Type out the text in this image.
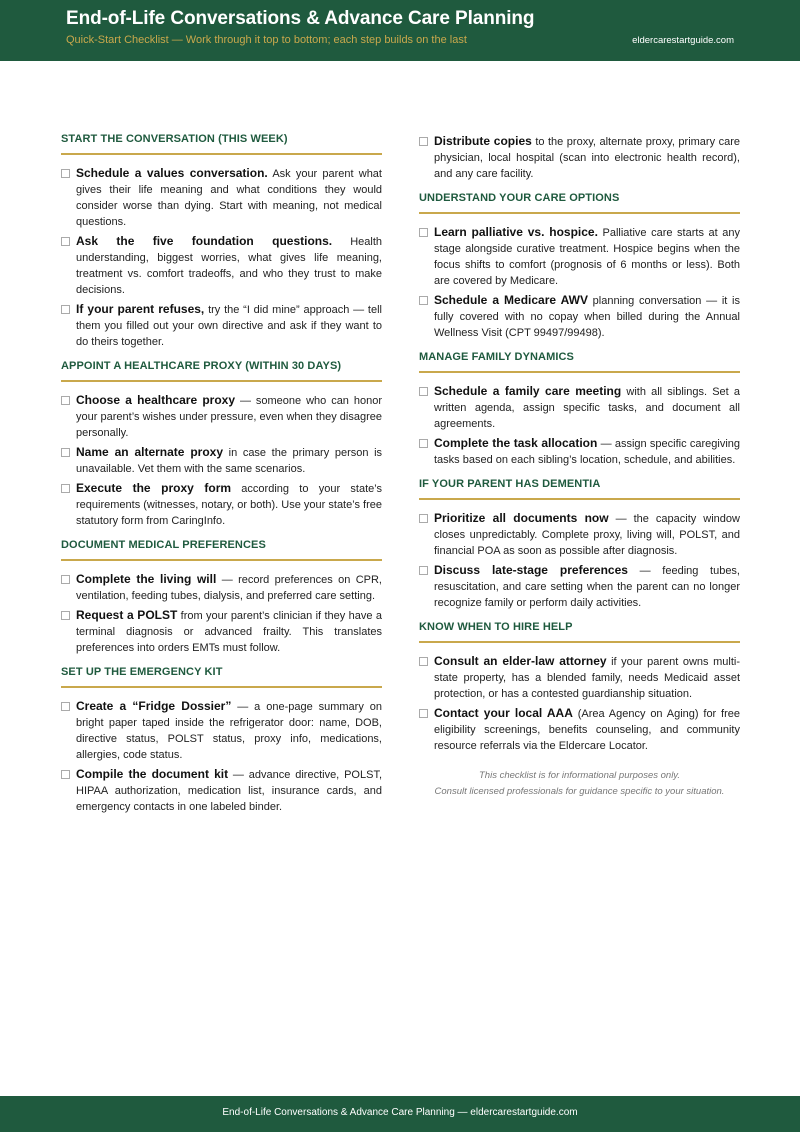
End-of-Life Conversations & Advance Care Planning
Quick-Start Checklist — Work through it top to bottom; each step builds on the last	eldercarestartguide.com
START THE CONVERSATION (THIS WEEK)
Schedule a values conversation. Ask your parent what gives their life meaning and what conditions they would consider worse than dying. Start with meaning, not medical questions.
Ask the five foundation questions. Health understanding, biggest worries, what gives life meaning, treatment vs. comfort tradeoffs, and who they trust to make decisions.
If your parent refuses, try the “I did mine” approach — tell them you filled out your own directive and ask if they want to do theirs together.
APPOINT A HEALTHCARE PROXY (WITHIN 30 DAYS)
Choose a healthcare proxy — someone who can honor your parent’s wishes under pressure, even when they disagree personally.
Name an alternate proxy in case the primary person is unavailable. Vet them with the same scenarios.
Execute the proxy form according to your state’s requirements (witnesses, notary, or both). Use your state’s free statutory form from CaringInfo.
DOCUMENT MEDICAL PREFERENCES
Complete the living will — record preferences on CPR, ventilation, feeding tubes, dialysis, and preferred care setting.
Request a POLST from your parent’s clinician if they have a terminal diagnosis or advanced frailty. This translates preferences into orders EMTs must follow.
SET UP THE EMERGENCY KIT
Create a “Fridge Dossier” — a one-page summary on bright paper taped inside the refrigerator door: name, DOB, directive status, POLST status, proxy info, medications, allergies, code status.
Compile the document kit — advance directive, POLST, HIPAA authorization, medication list, insurance cards, and emergency contacts in one labeled binder.
Distribute copies to the proxy, alternate proxy, primary care physician, local hospital (scan into electronic health record), and any care facility.
UNDERSTAND YOUR CARE OPTIONS
Learn palliative vs. hospice. Palliative care starts at any stage alongside curative treatment. Hospice begins when the focus shifts to comfort (prognosis of 6 months or less). Both are covered by Medicare.
Schedule a Medicare AWV planning conversation — it is fully covered with no copay when billed during the Annual Wellness Visit (CPT 99497/99498).
MANAGE FAMILY DYNAMICS
Schedule a family care meeting with all siblings. Set a written agenda, assign specific tasks, and document all agreements.
Complete the task allocation — assign specific caregiving tasks based on each sibling’s location, schedule, and abilities.
IF YOUR PARENT HAS DEMENTIA
Prioritize all documents now — the capacity window closes unpredictably. Complete proxy, living will, POLST, and financial POA as soon as possible after diagnosis.
Discuss late-stage preferences — feeding tubes, resuscitation, and care setting when the parent can no longer recognize family or perform daily activities.
KNOW WHEN TO HIRE HELP
Consult an elder-law attorney if your parent owns multi-state property, has a blended family, needs Medicaid asset protection, or has a contested guardianship situation.
Contact your local AAA (Area Agency on Aging) for free eligibility screenings, benefits counseling, and community resource referrals via the Eldercare Locator.
This checklist is for informational purposes only.
Consult licensed professionals for guidance specific to your situation.
End-of-Life Conversations & Advance Care Planning — eldercarestartguide.com
